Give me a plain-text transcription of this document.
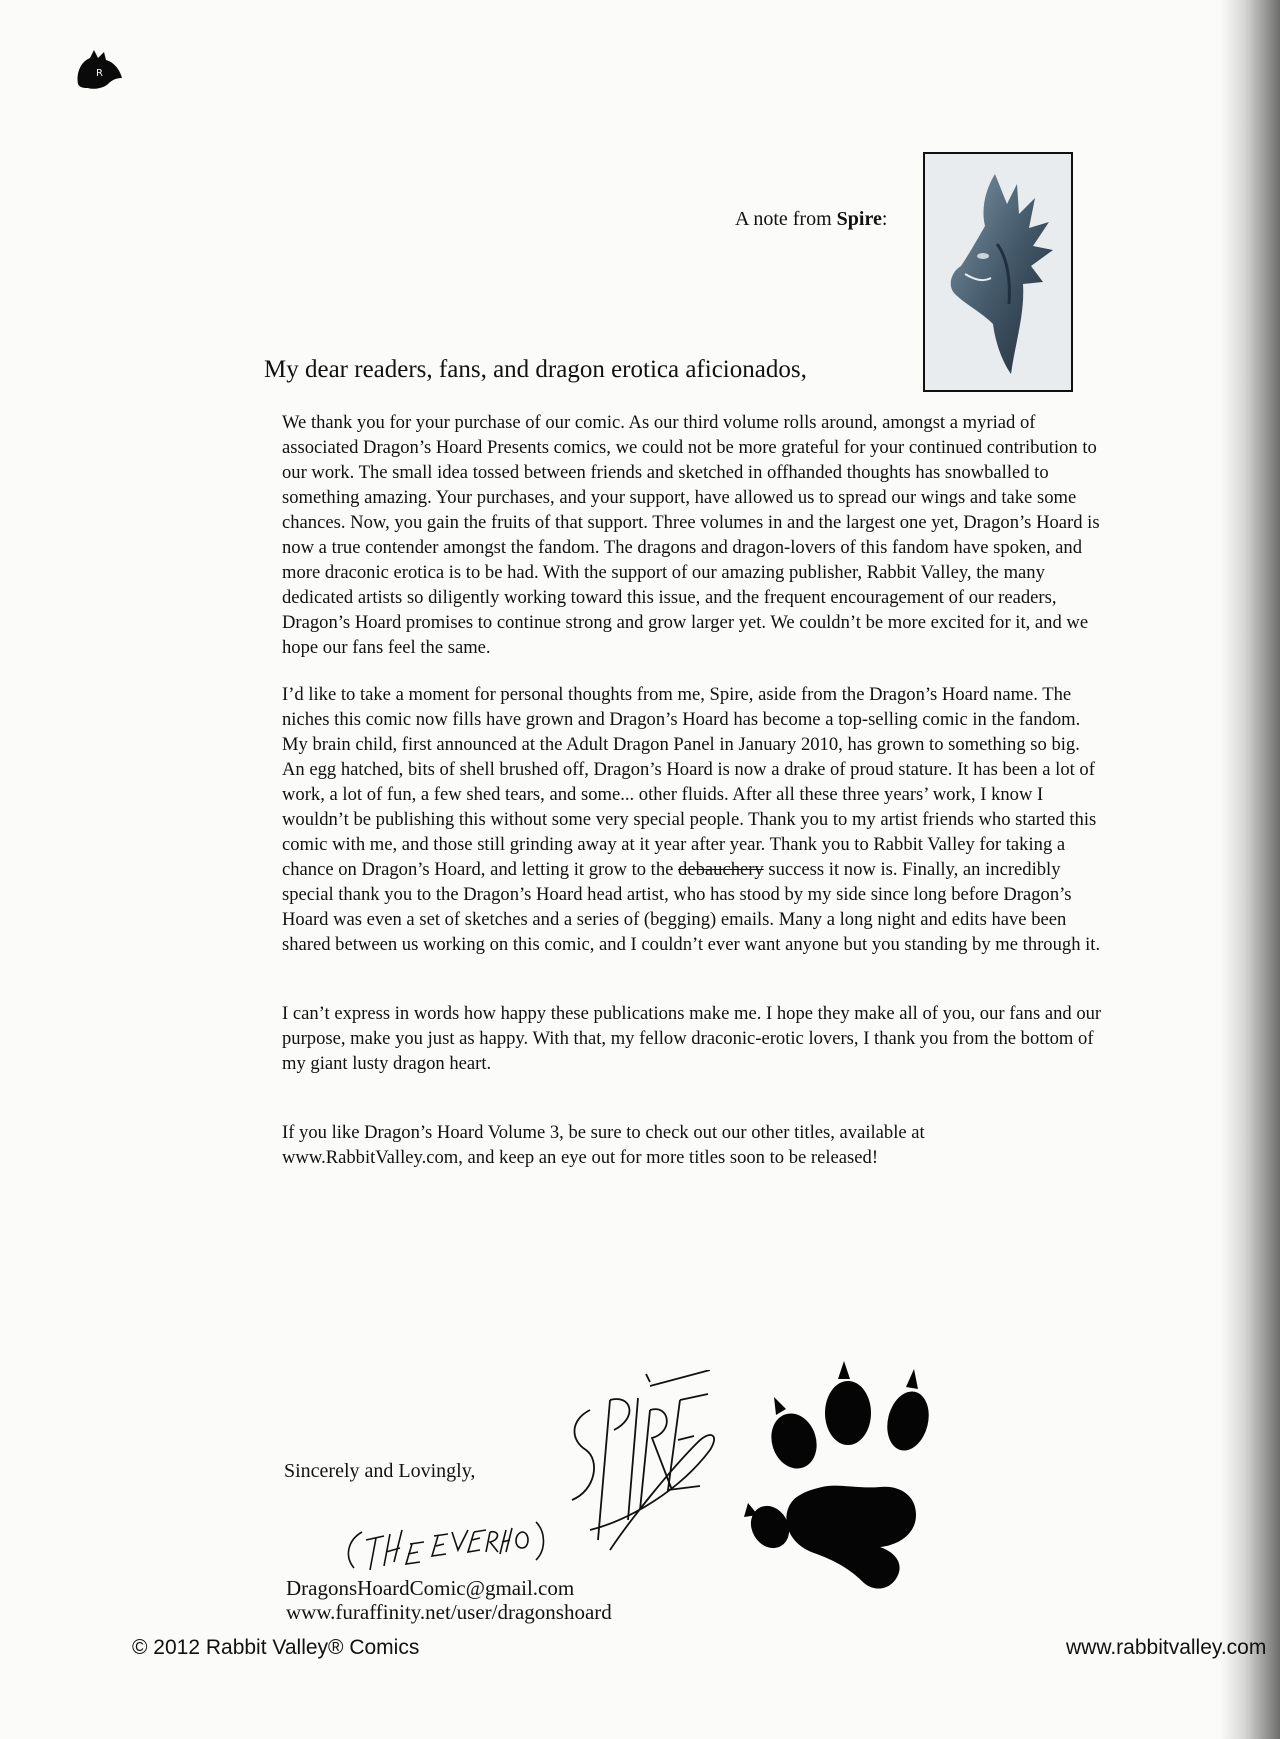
R
A note from Spire:
My dear readers, fans, and dragon erotica aficionados,

We thank you for your purchase of our comic. As our third volume rolls around, amongst a myriad of associated Dragon’s Hoard Presents comics, we could not be more grateful for your continued contribution to our work. The small idea tossed between friends and sketched in offhanded thoughts has snowballed to something amazing. Your purchases, and your support, have allowed us to spread our wings and take some chances. Now, you gain the fruits of that support. Three volumes in and the largest one yet, Dragon’s Hoard is now a true contender amongst the fandom. The dragons and dragon-lovers of this fandom have spoken, and more draconic erotica is to be had. With the support of our amazing publisher, Rabbit Valley, the many dedicated artists so diligently working toward this issue, and the frequent encouragement of our readers, Dragon’s Hoard promises to continue strong and grow larger yet. We couldn’t be more excited for it, and we hope our fans feel the same.

I’d like to take a moment for personal thoughts from me, Spire, aside from the Dragon’s Hoard name. The niches this comic now fills have grown and Dragon’s Hoard has become a top-selling comic in the fandom. My brain child, first announced at the Adult Dragon Panel in January 2010, has grown to something so big. An egg hatched, bits of shell brushed off, Dragon’s Hoard is now a drake of proud stature. It has been a lot of work, a lot of fun, a few shed tears, and some... other fluids. After all these three years’ work, I know I wouldn’t be publishing this without some very special people. Thank you to my artist friends who started this comic with me, and those still grinding away at it year after year. Thank you to Rabbit Valley for taking a chance on Dragon’s Hoard, and letting it grow to the debauchery success it now is. Finally, an incredibly special thank you to the Dragon’s Hoard head artist, who has stood by my side since long before Dragon’s Hoard was even a set of sketches and a series of (begging) emails. Many a long night and edits have been shared between us working on this comic, and I couldn’t ever want anyone but you standing by me through it.

I can’t express in words how happy these publications make me. I hope they make all of you, our fans and our purpose, make you just as happy. With that, my fellow draconic-erotic lovers, I thank you from the bottom of my giant lusty dragon heart.

If you like Dragon’s Hoard Volume 3, be sure to check out our other titles, available at www.RabbitValley.com, and keep an eye out for more titles soon to be released!

Sincerely and Lovingly,
DragonsHoardComic@gmail.com
www.furaffinity.net/user/dragonshoard
© 2012 Rabbit Valley® Comics	www.rabbitvalley.com
